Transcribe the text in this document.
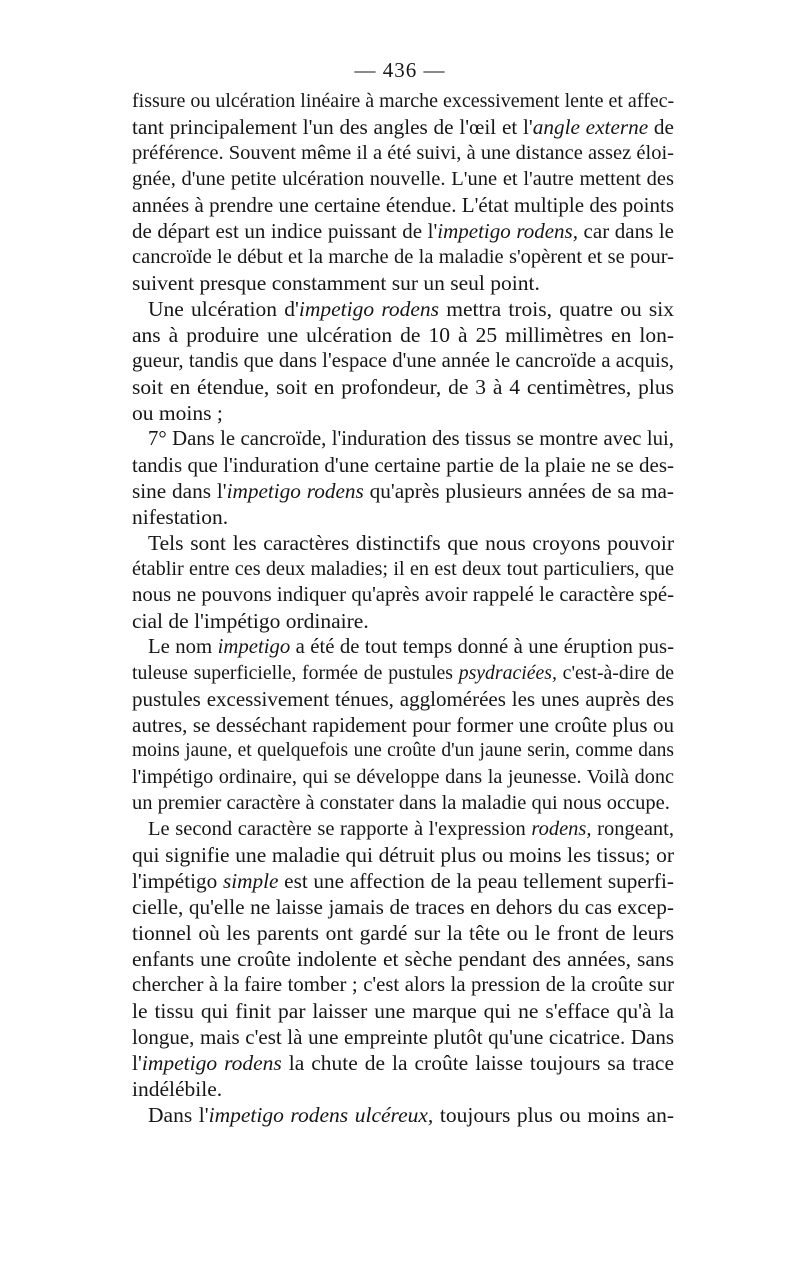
— 436 —

fissure ou ulcération linéaire à marche excessivement lente et affec-

tant principalement l'un des angles de l'œil et l'angle externe de

préférence. Souvent même il a été suivi, à une distance assez éloi-

gnée, d'une petite ulcération nouvelle. L'une et l'autre mettent des

années à prendre une certaine étendue. L'état multiple des points

de départ est un indice puissant de l'impetigo rodens, car dans le

cancroïde le début et la marche de la maladie s'opèrent et se pour-

suivent presque constamment sur un seul point.

Une ulcération d'impetigo rodens mettra trois, quatre ou six

ans à produire une ulcération de 10 à 25 millimètres en lon-

gueur, tandis que dans l'espace d'une année le cancroïde a acquis,

soit en étendue, soit en profondeur, de 3 à 4 centimètres, plus

ou moins ;

7° Dans le cancroïde, l'induration des tissus se montre avec lui,

tandis que l'induration d'une certaine partie de la plaie ne se des-

sine dans l'impetigo rodens qu'après plusieurs années de sa ma-

nifestation.

Tels sont les caractères distinctifs que nous croyons pouvoir

établir entre ces deux maladies; il en est deux tout particuliers, que

nous ne pouvons indiquer qu'après avoir rappelé le caractère spé-

cial de l'impétigo ordinaire.

Le nom impetigo a été de tout temps donné à une éruption pus-

tuleuse superficielle, formée de pustules psydraciées, c'est-à-dire de

pustules excessivement ténues, agglomérées les unes auprès des

autres, se desséchant rapidement pour former une croûte plus ou

moins jaune, et quelquefois une croûte d'un jaune serin, comme dans

l'impétigo ordinaire, qui se développe dans la jeunesse. Voilà donc

un premier caractère à constater dans la maladie qui nous occupe.

Le second caractère se rapporte à l'expression rodens, rongeant,

qui signifie une maladie qui détruit plus ou moins les tissus; or

l'impétigo simple est une affection de la peau tellement superfi-

cielle, qu'elle ne laisse jamais de traces en dehors du cas excep-

tionnel où les parents ont gardé sur la tête ou le front de leurs

enfants une croûte indolente et sèche pendant des années, sans

chercher à la faire tomber ; c'est alors la pression de la croûte sur

le tissu qui finit par laisser une marque qui ne s'efface qu'à la

longue, mais c'est là une empreinte plutôt qu'une cicatrice. Dans

l'impetigo rodens la chute de la croûte laisse toujours sa trace

indélébile.

Dans l'impetigo rodens ulcéreux, toujours plus ou moins an-
